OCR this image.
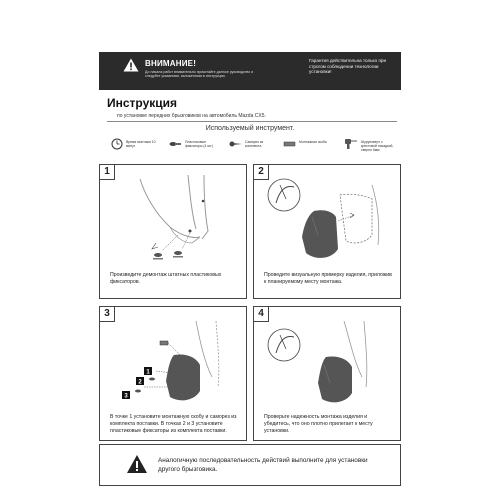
ВНИМАНИЕ!
До начала работ внимательно прочитайте данное руководство и следуйте указаниям, изложенным в инструкции.
Гарантия действительна только при строгом соблюдении технологии установки!
Инструкция
по установке передних брызговиков на автомобиль Mazda CX5.
Используемый инструмент.
Время монтажа 10 минут
Пластиковые фиксаторы (4 шт.)
Саморез из комплекта
Монтажная скоба	Шуруповерт с крестовой насадкой, сверло 6мм
1
Произведите демонтаж штатных пластиковых фиксаторов.
2
Проведите визуальную примерку изделия, приложив к планируемому месту монтажа.
1
2
3
3
В точке 1 установите монтажную скобу и саморез из комплекта поставки. В точках 2 и 3 установите пластиковые фиксаторы из комплекта поставки.
4
Проверьте надежность монтажа изделия и убедитесь, что оно плотно прилегает к месту установки.
Аналогичную последовательность действий выполните для установки другого брызговика.
